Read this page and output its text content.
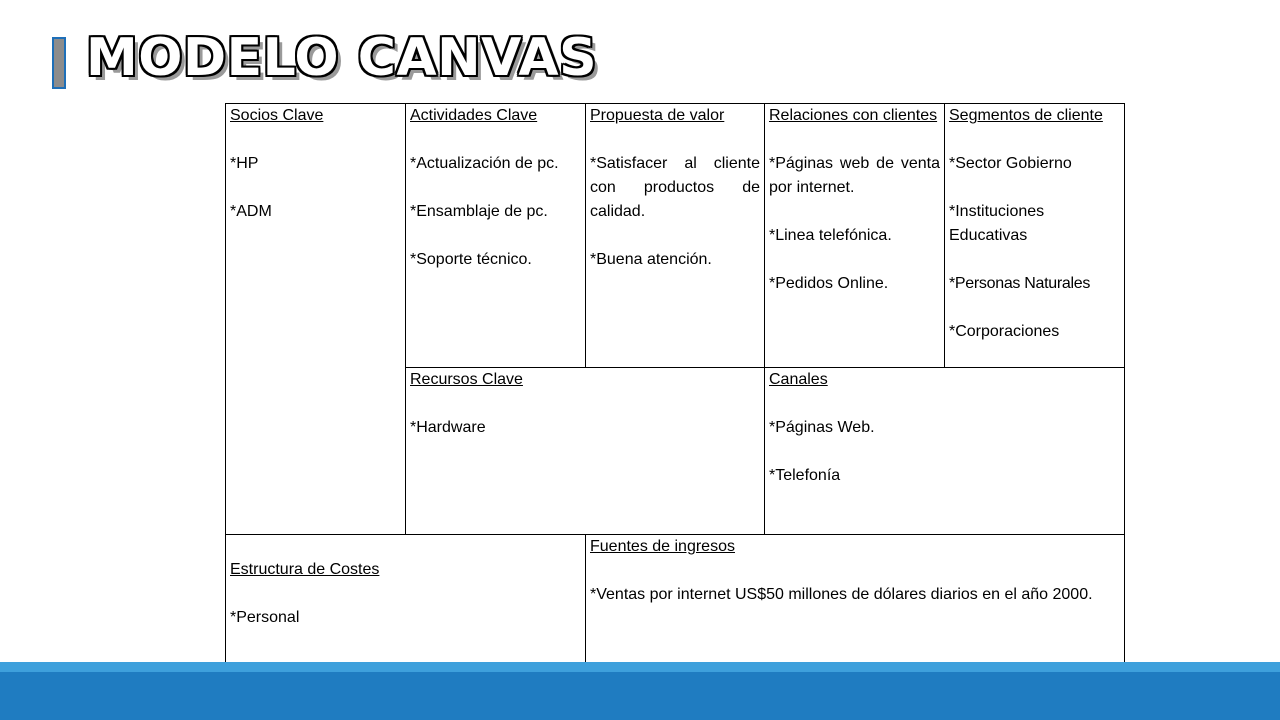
MODELO CANVAS
Socios Clave
*HP
*ADM
Actividades Clave
*Actualización de pc.
*Ensamblaje de pc.
*Soporte técnico.
Propuesta de valor
*Satisfacer al cliente con productos de calidad.
*Buena atención.
Relaciones con clientes
*Páginas web de venta por internet.
*Linea telefónica.
*Pedidos Online.
Segmentos de cliente
*Sector Gobierno
*Instituciones Educativas
*Personas Naturales
*Corporaciones
Recursos Clave
*Hardware
Canales
*Páginas Web.
*Telefonía
Estructura de Costes
*Personal
Fuentes de ingresos
*Ventas por internet US$50 millones de dólares diarios en el año 2000.
